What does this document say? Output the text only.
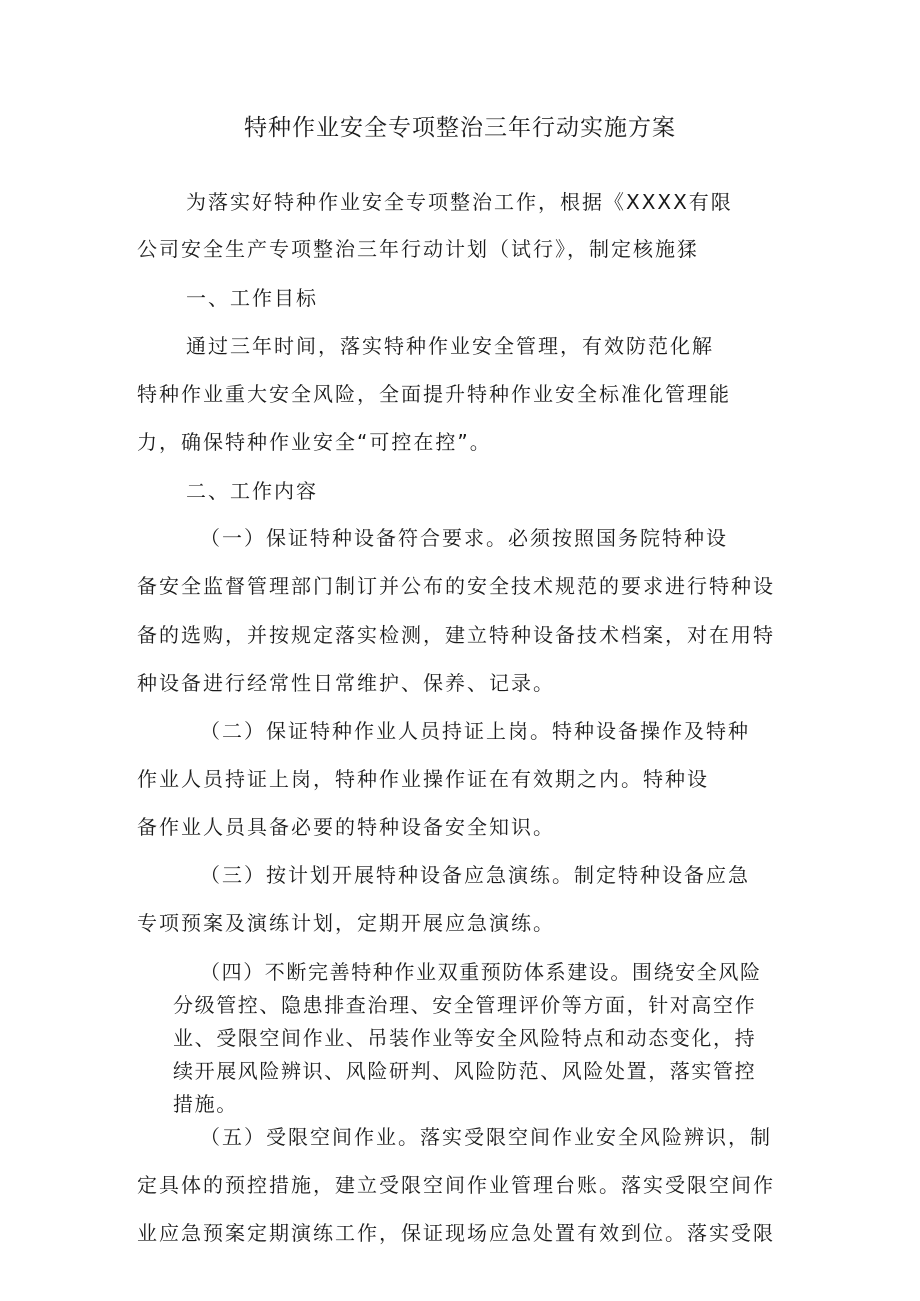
特种作业安全专项整治三年行动实施方案
为落实好特种作业安全专项整治工作，根据《XXXX有限
公司安全生产专项整治三年行动计划（试行》，制定核施猱
一、工作目标
通过三年时间，落实特种作业安全管理，有效防范化解
特种作业重大安全风险，全面提升特种作业安全标准化管理能
力，确保特种作业安全“可控在控”。
二、工作内容
（一）保证特种设备符合要求。必须按照国务院特种设
备安全监督管理部门制订并公布的安全技术规范的要求进行特种设
备的选购，并按规定落实检测，建立特种设备技术档案，对在用特
种设备进行经常性日常维护、保养、记录。
（二）保证特种作业人员持证上岗。特种设备操作及特种
作业人员持证上岗，特种作业操作证在有效期之内。特种设
备作业人员具备必要的特种设备安全知识。
（三）按计划开展特种设备应急演练。制定特种设备应急
专项预案及演练计划，定期开展应急演练。
（四）不断完善特种作业双重预防体系建设。围绕安全风险
分级管控、隐患排查治理、安全管理评价等方面，针对高空作
业、受限空间作业、吊装作业等安全风险特点和动态变化，持
续开展风险辨识、风险研判、风险防范、风险处置，落实管控
措施。
（五）受限空间作业。落实受限空间作业安全风险辨识，制
定具体的预控措施，建立受限空间作业管理台账。落实受限空间作
业应急预案定期演练工作，保证现场应急处置有效到位。落实受限
